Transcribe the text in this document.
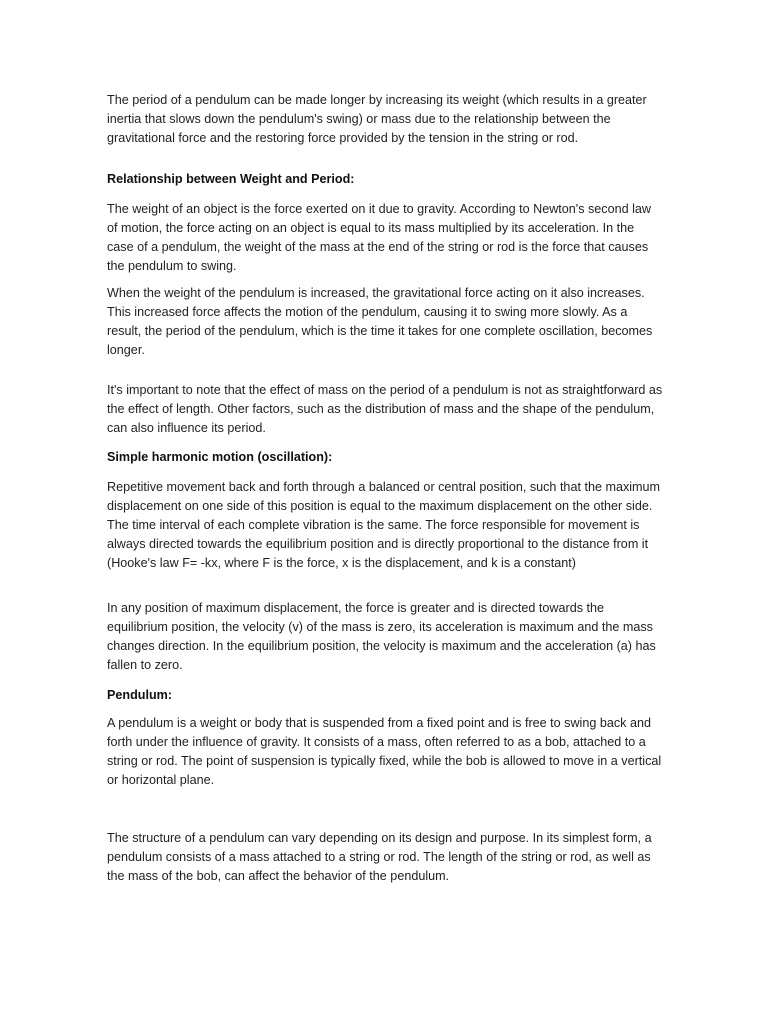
The period of a pendulum can be made longer by increasing its weight (which results in a greater inertia that slows down the pendulum's swing) or mass due to the relationship between the gravitational force and the restoring force provided by the tension in the string or rod.

Relationship between Weight and Period:

The weight of an object is the force exerted on it due to gravity. According to Newton's second law of motion, the force acting on an object is equal to its mass multiplied by its acceleration. In the case of a pendulum, the weight of the mass at the end of the string or rod is the force that causes the pendulum to swing.

When the weight of the pendulum is increased, the gravitational force acting on it also increases. This increased force affects the motion of the pendulum, causing it to swing more slowly. As a result, the period of the pendulum, which is the time it takes for one complete oscillation, becomes longer.

It's important to note that the effect of mass on the period of a pendulum is not as straightforward as the effect of length. Other factors, such as the distribution of mass and the shape of the pendulum, can also influence its period.

Simple harmonic motion (oscillation):

Repetitive movement back and forth through a balanced or central position, such that the maximum displacement on one side of this position is equal to the maximum displacement on the other side. The time interval of each complete vibration is the same. The force responsible for movement is always directed towards the equilibrium position and is directly proportional to the distance from it (Hooke's law F= -kx, where F is the force, x is the displacement, and k is a constant)

In any position of maximum displacement, the force is greater and is directed towards the equilibrium position, the velocity (v) of the mass is zero, its acceleration is maximum and the mass changes direction. In the equilibrium position, the velocity is maximum and the acceleration (a) has fallen to zero.

Pendulum:

A pendulum is a weight or body that is suspended from a fixed point and is free to swing back and forth under the influence of gravity. It consists of a mass, often referred to as a bob, attached to a string or rod. The point of suspension is typically fixed, while the bob is allowed to move in a vertical or horizontal plane.

The structure of a pendulum can vary depending on its design and purpose. In its simplest form, a pendulum consists of a mass attached to a string or rod. The length of the string or rod, as well as the mass of the bob, can affect the behavior of the pendulum.
